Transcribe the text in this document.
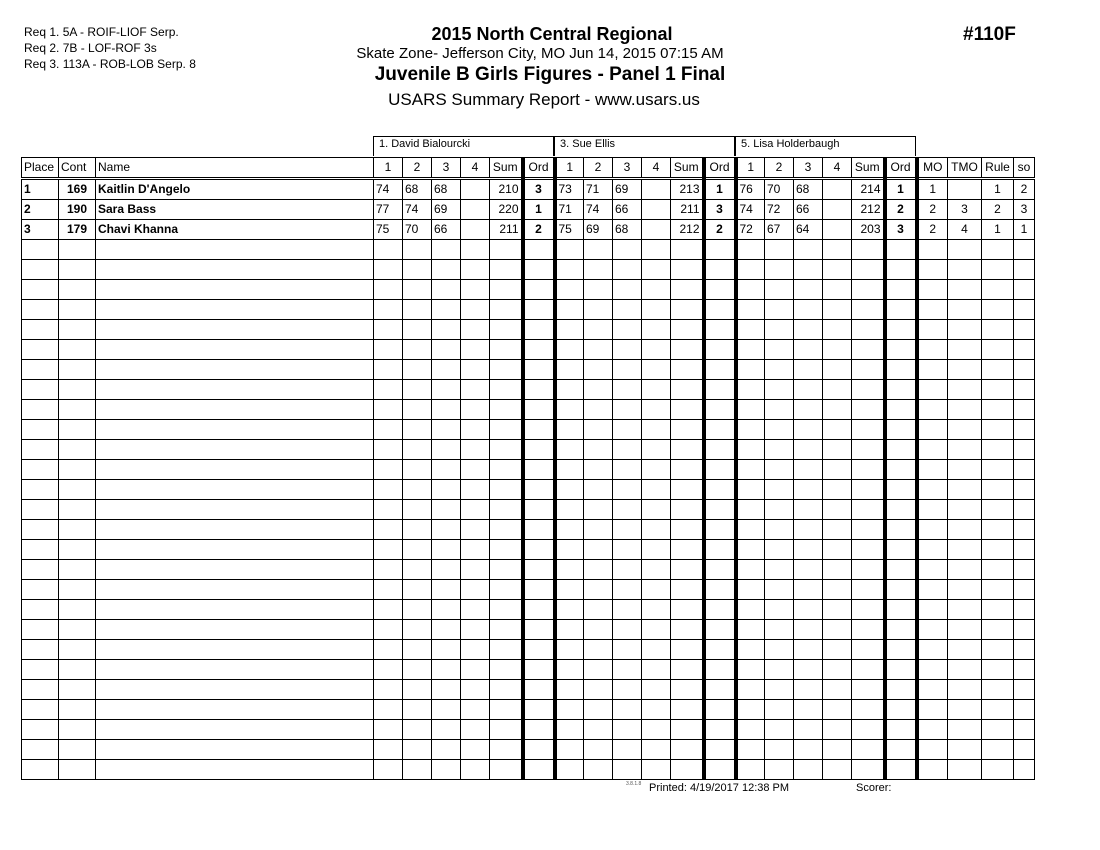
Req 1. 5A - ROIF-LIOF Serp.
Req 2. 7B - LOF-ROF 3s
Req 3. 113A - ROB-LOB Serp. 8
2015 North Central Regional
Skate Zone- Jefferson City, MO Jun 14, 2015 07:15 AM
Juvenile B Girls Figures - Panel 1 Final
USARS Summary Report - www.usars.us
#110F
1. David Bialourcki	3. Sue Ellis	5. Lisa Holderbaugh
Place	Cont	Name	1	2	3	4	Sum	Ord	1	2	3	4	Sum	Ord	1	2	3	4	Sum	Ord	MO	TMO	Rule	so
1	169	Kaitlin D'Angelo	74	68	68		210	3	73	71	69		213	1	76	70	68		214	1	1		1	2
2	190	Sara Bass	77	74	69		220	1	71	74	66		211	3	74	72	66		212	2	2	3	2	3
3	179	Chavi Khanna	75	70	66		211	2	75	69	68		212	2	72	67	64		203	3	2	4	1	1

3.8.1.8 Printed: 4/19/2017 12:38 PM	Scorer:
